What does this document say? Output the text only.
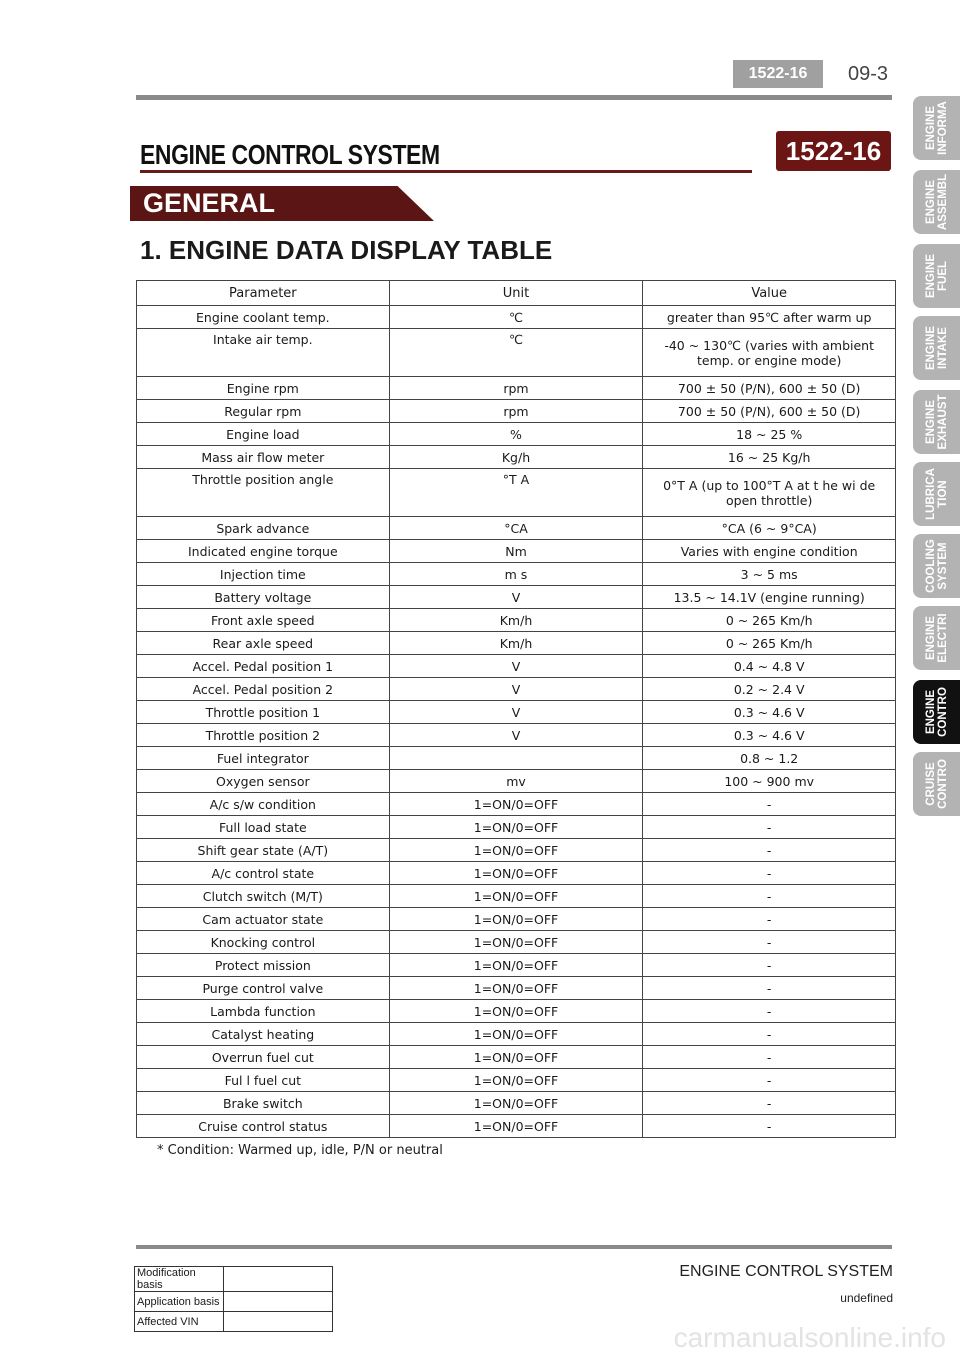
1522-16	09-3
ENGINE CONTROL SYSTEM	1522-16
GENERAL
1. ENGINE DATA DISPLAY TABLE
Parameter	Unit	Value
Engine coolant temp.	℃	greater than 95℃ after warm up
Intake air temp.	℃	-40 ~ 130℃ (varies with ambient
temp. or engine mode)
Engine rpm	rpm	700 ± 50 (P/N), 600 ± 50 (D)
Regular rpm	rpm	700 ± 50 (P/N), 600 ± 50 (D)
Engine load	%	18 ~ 25 %
Mass air flow meter	Kg/h	16 ~ 25 Kg/h
Throttle position angle	°T A	0°T A (up to 100°T A at t he wi de
open throttle)
Spark advance	°CA	°CA (6 ~ 9°CA)
Indicated engine torque	Nm	Varies with engine condition
Injection time	m s	3 ~ 5 ms
Battery voltage	V	13.5 ~ 14.1V (engine running)
Front axle speed	Km/h	0 ~ 265 Km/h
Rear axle speed	Km/h	0 ~ 265 Km/h
Accel. Pedal position 1	V	0.4 ~ 4.8 V
Accel. Pedal position 2	V	0.2 ~ 2.4 V
Throttle position 1	V	0.3 ~ 4.6 V
Throttle position 2	V	0.3 ~ 4.6 V
Fuel integrator		0.8 ~ 1.2
Oxygen sensor	mv	100 ~ 900 mv
A/c s/w condition	1=ON/0=OFF	-
Full load state	1=ON/0=OFF	-
Shift gear state (A/T)	1=ON/0=OFF	-
A/c control state	1=ON/0=OFF	-
Clutch switch (M/T)	1=ON/0=OFF	-
Cam actuator state	1=ON/0=OFF	-
Knocking control	1=ON/0=OFF	-
Protect mission	1=ON/0=OFF	-
Purge control valve	1=ON/0=OFF	-
Lambda function	1=ON/0=OFF	-
Catalyst heating	1=ON/0=OFF	-
Overrun fuel cut	1=ON/0=OFF	-
Ful l fuel cut	1=ON/0=OFF	-
Brake switch	1=ON/0=OFF	-
Cruise control status	1=ON/0=OFF	-
* Condition: Warmed up, idle, P/N or neutral
ENGINE CONTROL SYSTEM
undefined
Modification basis	
Application basis	
Affected VIN	
ENGINE
INFORMA
ENGINE
ASSEMBL
ENGINE
FUEL
ENGINE
INTAKE
ENGINE
EXHAUST
LUBRICA
TION
COOLING
SYSTEM
ENGINE
ELECTRI
ENGINE
CONTRO
CRUISE
CONTRO
carmanualsonline.info
